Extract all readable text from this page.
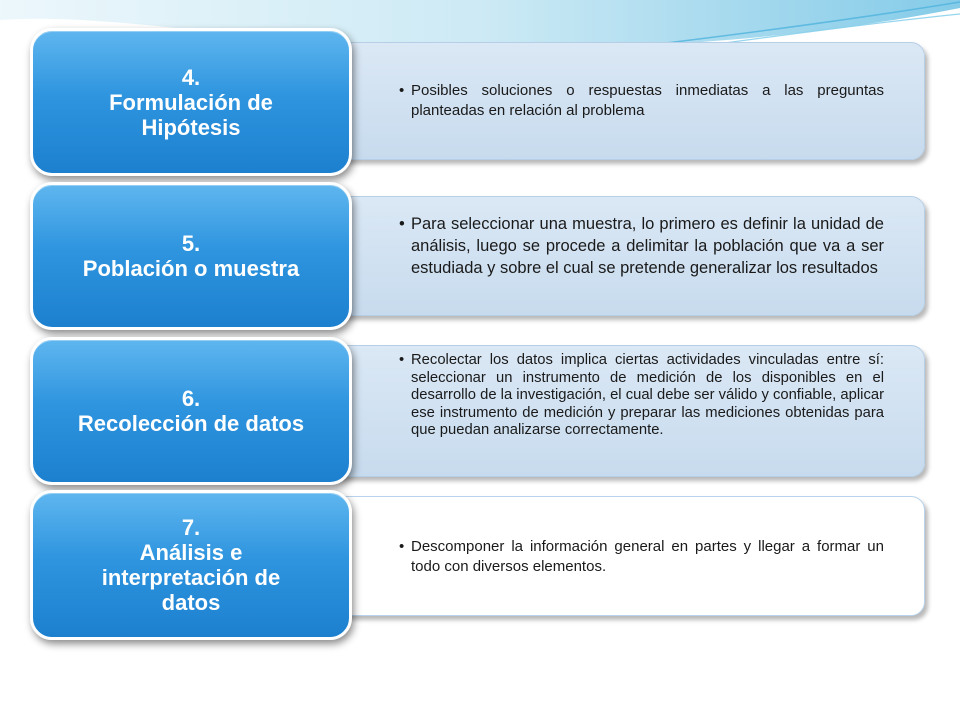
• Posibles soluciones o respuestas inmediatas a las preguntas planteadas en relación al problema
4.
Formulación de Hipótesis
• Para seleccionar una muestra, lo primero es definir la unidad de análisis, luego se procede a delimitar la población que va a ser estudiada y sobre el cual se pretende generalizar los resultados
5.
Población o muestra
• Recolectar los datos implica ciertas actividades vinculadas entre sí: seleccionar un instrumento de medición de los disponibles en el desarrollo de la investigación, el cual debe ser válido y confiable, aplicar ese instrumento de medición y preparar las mediciones obtenidas para que puedan analizarse correctamente.
6.
Recolección de datos
• Descomponer la información general en partes y llegar a formar un todo con diversos elementos.
7.
Análisis e interpretación de datos
